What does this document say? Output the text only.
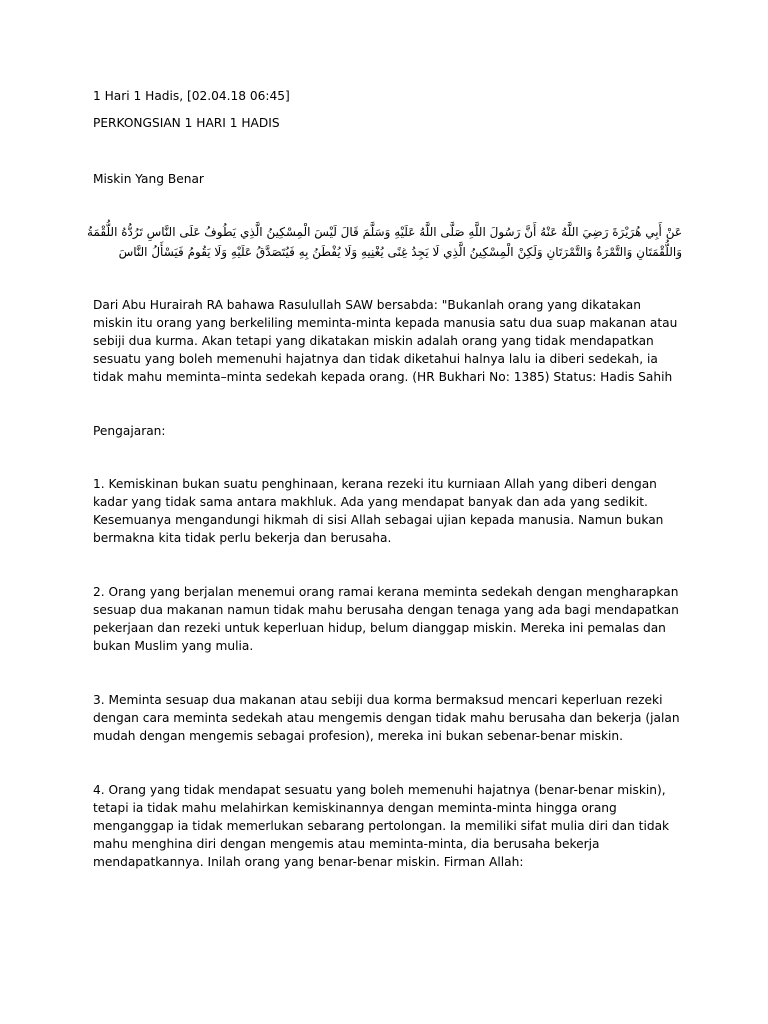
1 Hari 1 Hadis, [02.04.18 06:45]
PERKONGSIAN 1 HARI 1 HADIS
Miskin Yang Benar
عَنْ أَبِي هُرَيْرَةَ رَضِيَ اللَّهُ عَنْهُ أَنَّ رَسُولَ اللَّهِ صَلَّى اللَّهُ عَلَيْهِ وَسَلَّمَ قَالَ لَيْسَ الْمِسْكِينُ الَّذِي يَطُوفُ عَلَى النَّاسِ تَرُدُّهُ اللُّقْمَةُ وَاللُّقْمَتَانِ وَالتَّمْرَةُ وَالتَّمْرَتَانِ وَلَكِنْ الْمِسْكِينُ الَّذِي لَا يَجِدُ غِنًى يُغْنِيهِ وَلَا يُفْطَنُ بِهِ فَيُتَصَدَّقُ عَلَيْهِ وَلَا يَقُومُ فَيَسْأَلُ النَّاسَ
Dari Abu Hurairah RA bahawa Rasulullah SAW bersabda: "Bukanlah orang yang dikatakan miskin itu orang yang berkeliling meminta-minta kepada manusia satu dua suap makanan atau sebiji dua kurma. Akan tetapi yang dikatakan miskin adalah orang yang tidak mendapatkan sesuatu yang boleh memenuhi hajatnya dan tidak diketahui halnya lalu ia diberi sedekah, ia tidak mahu meminta–minta sedekah kepada orang. (HR Bukhari No: 1385) Status: Hadis Sahih
Pengajaran:
1. Kemiskinan bukan suatu penghinaan, kerana rezeki itu kurniaan Allah yang diberi dengan kadar yang tidak sama antara makhluk. Ada yang mendapat banyak dan ada yang sedikit. Kesemuanya mengandungi hikmah di sisi Allah sebagai ujian kepada manusia. Namun bukan bermakna kita tidak perlu bekerja dan berusaha.
2. Orang yang berjalan menemui orang ramai kerana meminta sedekah dengan mengharapkan sesuap dua makanan namun tidak mahu berusaha dengan tenaga yang ada bagi mendapatkan pekerjaan dan rezeki untuk keperluan hidup, belum dianggap miskin. Mereka ini pemalas dan bukan Muslim yang mulia.
3. Meminta sesuap dua makanan atau sebiji dua korma bermaksud mencari keperluan rezeki dengan cara meminta sedekah atau mengemis dengan tidak mahu berusaha dan bekerja (jalan mudah dengan mengemis sebagai profesion), mereka ini bukan sebenar-benar miskin.
4. Orang yang tidak mendapat sesuatu yang boleh memenuhi hajatnya (benar-benar miskin), tetapi ia tidak mahu melahirkan kemiskinannya dengan meminta-minta hingga orang menganggap ia tidak memerlukan sebarang pertolongan. Ia memiliki sifat mulia diri dan tidak mahu menghina diri dengan mengemis atau meminta-minta, dia berusaha bekerja mendapatkannya. Inilah orang yang benar-benar miskin. Firman Allah:
